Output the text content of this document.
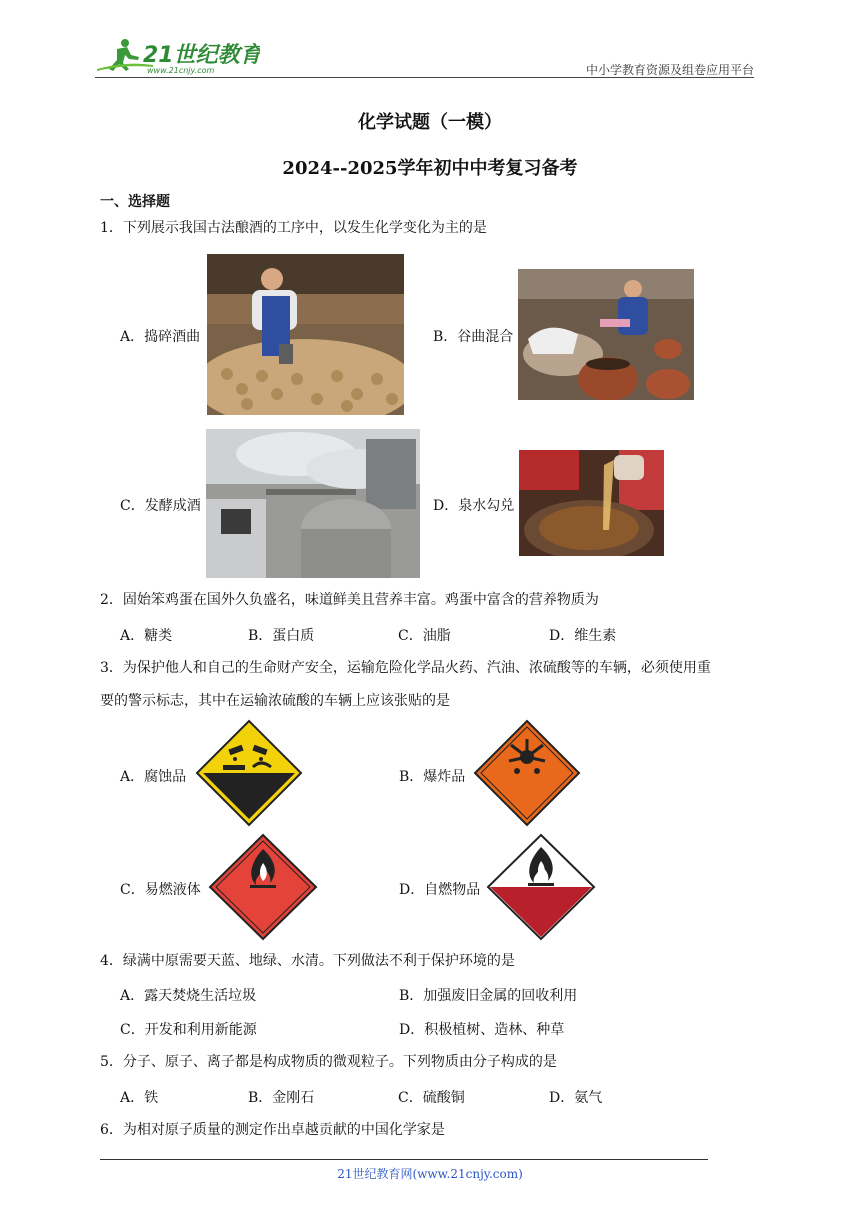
21世纪教育
www.21cnjy.com	中小学教育资源及组卷应用平台
化学试题（一模）
2024--2025学年初中中考复习备考
一、选择题
1．下列展示我国古法酿酒的工序中，以发生化学变化为主的是
A．捣碎酒曲	B．谷曲混合
C．发酵成酒	D．泉水勾兑
2．固始笨鸡蛋在国外久负盛名，味道鲜美且营养丰富。鸡蛋中富含的营养物质为
A．糖类	B．蛋白质	C．油脂	D．维生素
3．为保护他人和自己的生命财产安全，运输危险化学品火药、汽油、浓硫酸等的车辆，必须使用重
要的警示标志，其中在运输浓硫酸的车辆上应该张贴的是
A．腐蚀品	B．爆炸品
C．易燃液体	D．自燃物品
4．绿满中原需要天蓝、地绿、水清。下列做法不利于保护环境的是
A．露天焚烧生活垃圾	B．加强废旧金属的回收利用
C．开发和利用新能源	D．积极植树、造林、种草
5．分子、原子、离子都是构成物质的微观粒子。下列物质由分子构成的是
A．铁	B．金刚石	C．硫酸铜	D．氨气
6．为相对原子质量的测定作出卓越贡献的中国化学家是
21世纪教育网(www.21cnjy.com)
